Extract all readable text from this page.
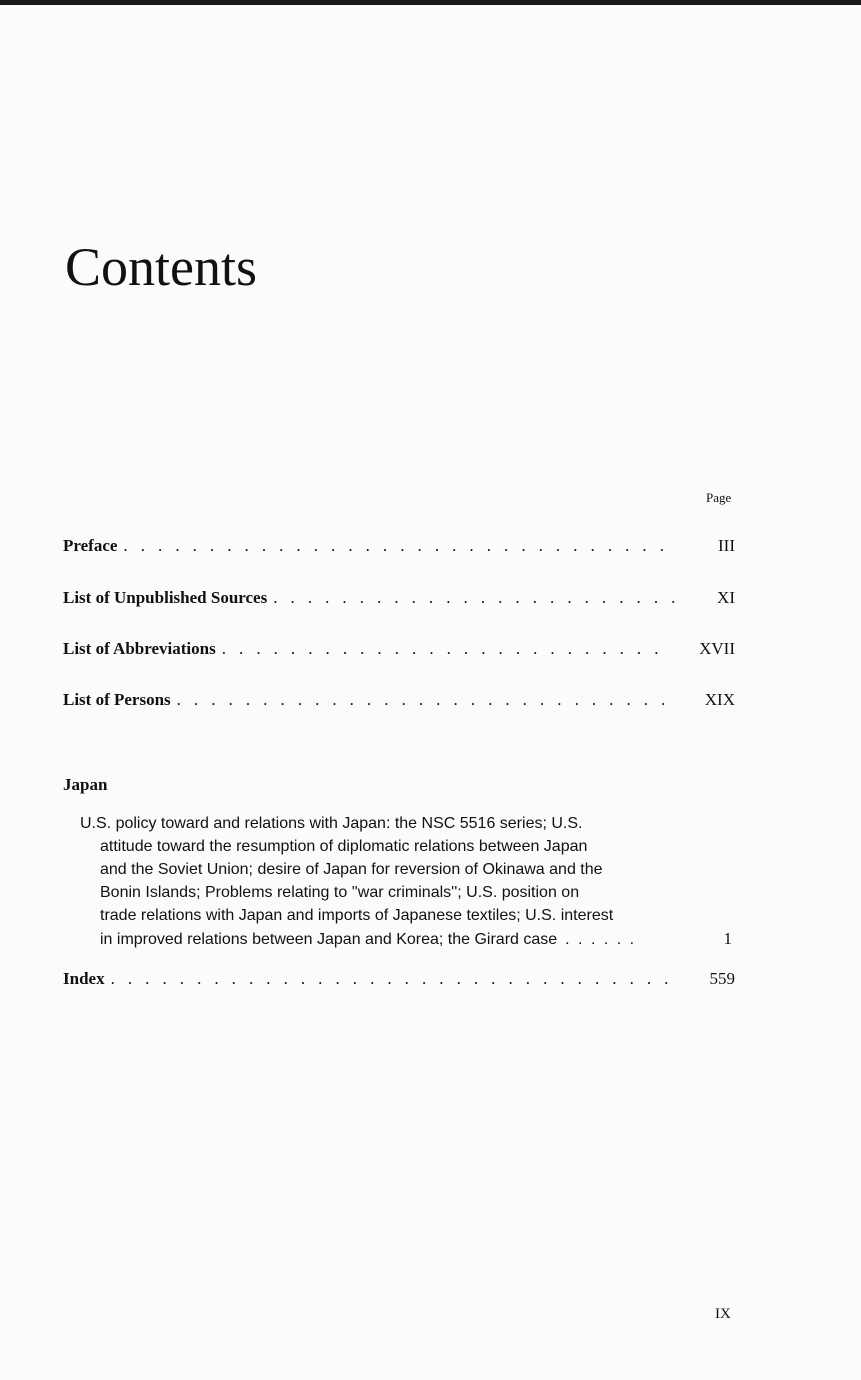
Contents
Page
Preface . . .	III
List of Unpublished Sources . . .	XI
List of Abbreviations . . .	XVII
List of Persons . . .	XIX
Japan
U.S. policy toward and relations with Japan: the NSC 5516 series; U.S.
attitude toward the resumption of diplomatic relations between Japan
and the Soviet Union; desire of Japan for reversion of Okinawa and the
Bonin Islands; Problems relating to ''war criminals''; U.S. position on
trade relations with Japan and imports of Japanese textiles; U.S. interest
in improved relations between Japan and Korea; the Girard case . . . . . .	1
Index . . .	559
IX
